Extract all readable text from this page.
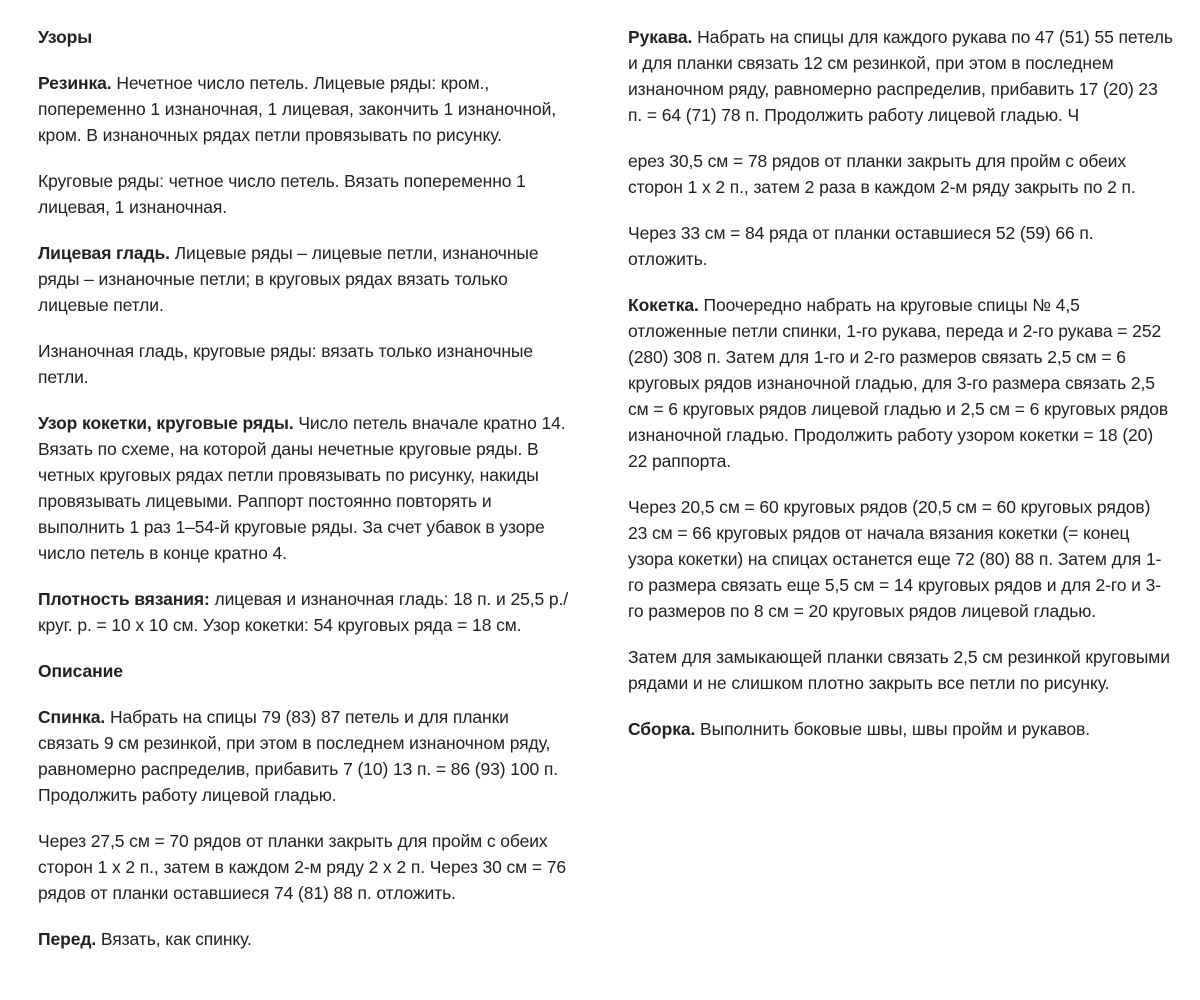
Узоры

Резинка. Нечетное число петель. Лицевые ряды: кром., попеременно 1 изнаночная, 1 лицевая, закончить 1 изнаночной, кром. В изнаночных рядах петли провязывать по рисунку.

Круговые ряды: четное число петель. Вязать попеременно 1 лицевая, 1 изнаночная.

Лицевая гладь. Лицевые ряды – лицевые петли, изнаночные ряды – изнаночные петли; в круговых рядах вязать только лицевые петли.

Изнаночная гладь, круговые ряды: вязать только изнаночные петли.

Узор кокетки, круговые ряды. Число петель вначале кратно 14. Вязать по схеме, на которой даны нечетные круговые ряды. В четных круговых рядах петли провязывать по рисунку, накиды провязывать лицевыми. Раппорт постоянно повторять и выполнить 1 раз 1–54-й круговые ряды. За счет убавок в узоре число петель в конце кратно 4.

Плотность вязания: лицевая и изнаночная гладь: 18 п. и 25,5 р./круг. р. = 10 х 10 см. Узор кокетки: 54 круговых ряда = 18 см.

Описание

Спинка. Набрать на спицы 79 (83) 87 петель и для планки связать 9 см резинкой, при этом в последнем изнаночном ряду, равномерно распределив, прибавить 7 (10) 13 п. = 86 (93) 100 п. Продолжить работу лицевой гладью.

Через 27,5 см = 70 рядов от планки закрыть для пройм с обеих сторон 1 х 2 п., затем в каждом 2-м ряду 2 х 2 п. Через 30 см = 76 рядов от планки оставшиеся 74 (81) 88 п. отложить.

Перед. Вязать, как спинку.

Рукава. Набрать на спицы для каждого рукава по 47 (51) 55 петель и для планки связать 12 см резинкой, при этом в последнем изнаночном ряду, равномерно распределив, прибавить 17 (20) 23 п. = 64 (71) 78 п. Продолжить работу лицевой гладью. Ч

ерез 30,5 см = 78 рядов от планки закрыть для пройм с обеих сторон 1 х 2 п., затем 2 раза в каждом 2-м ряду закрыть по 2 п.

Через 33 см = 84 ряда от планки оставшиеся 52 (59) 66 п. отложить.

Кокетка. Поочередно набрать на круговые спицы № 4,5 отложенные петли спинки, 1-го рукава, переда и 2-го рукава = 252 (280) 308 п. Затем для 1-го и 2-го размеров связать 2,5 см = 6 круговых рядов изнаночной гладью, для 3-го размера связать 2,5 см = 6 круговых рядов лицевой гладью и 2,5 см = 6 круговых рядов изнаночной гладью. Продолжить работу узором кокетки = 18 (20) 22 раппорта.

Через 20,5 см = 60 круговых рядов (20,5 см = 60 круговых рядов) 23 см = 66 круговых рядов от начала вязания кокетки (= конец узора кокетки) на спицах останется еще 72 (80) 88 п. Затем для 1-го размера связать еще 5,5 см = 14 круговых рядов и для 2-го и 3-го размеров по 8 см = 20 круговых рядов лицевой гладью.

Затем для замыкающей планки связать 2,5 см резинкой круговыми рядами и не слишком плотно закрыть все петли по рисунку.

Сборка. Выполнить боковые швы, швы пройм и рукавов.
